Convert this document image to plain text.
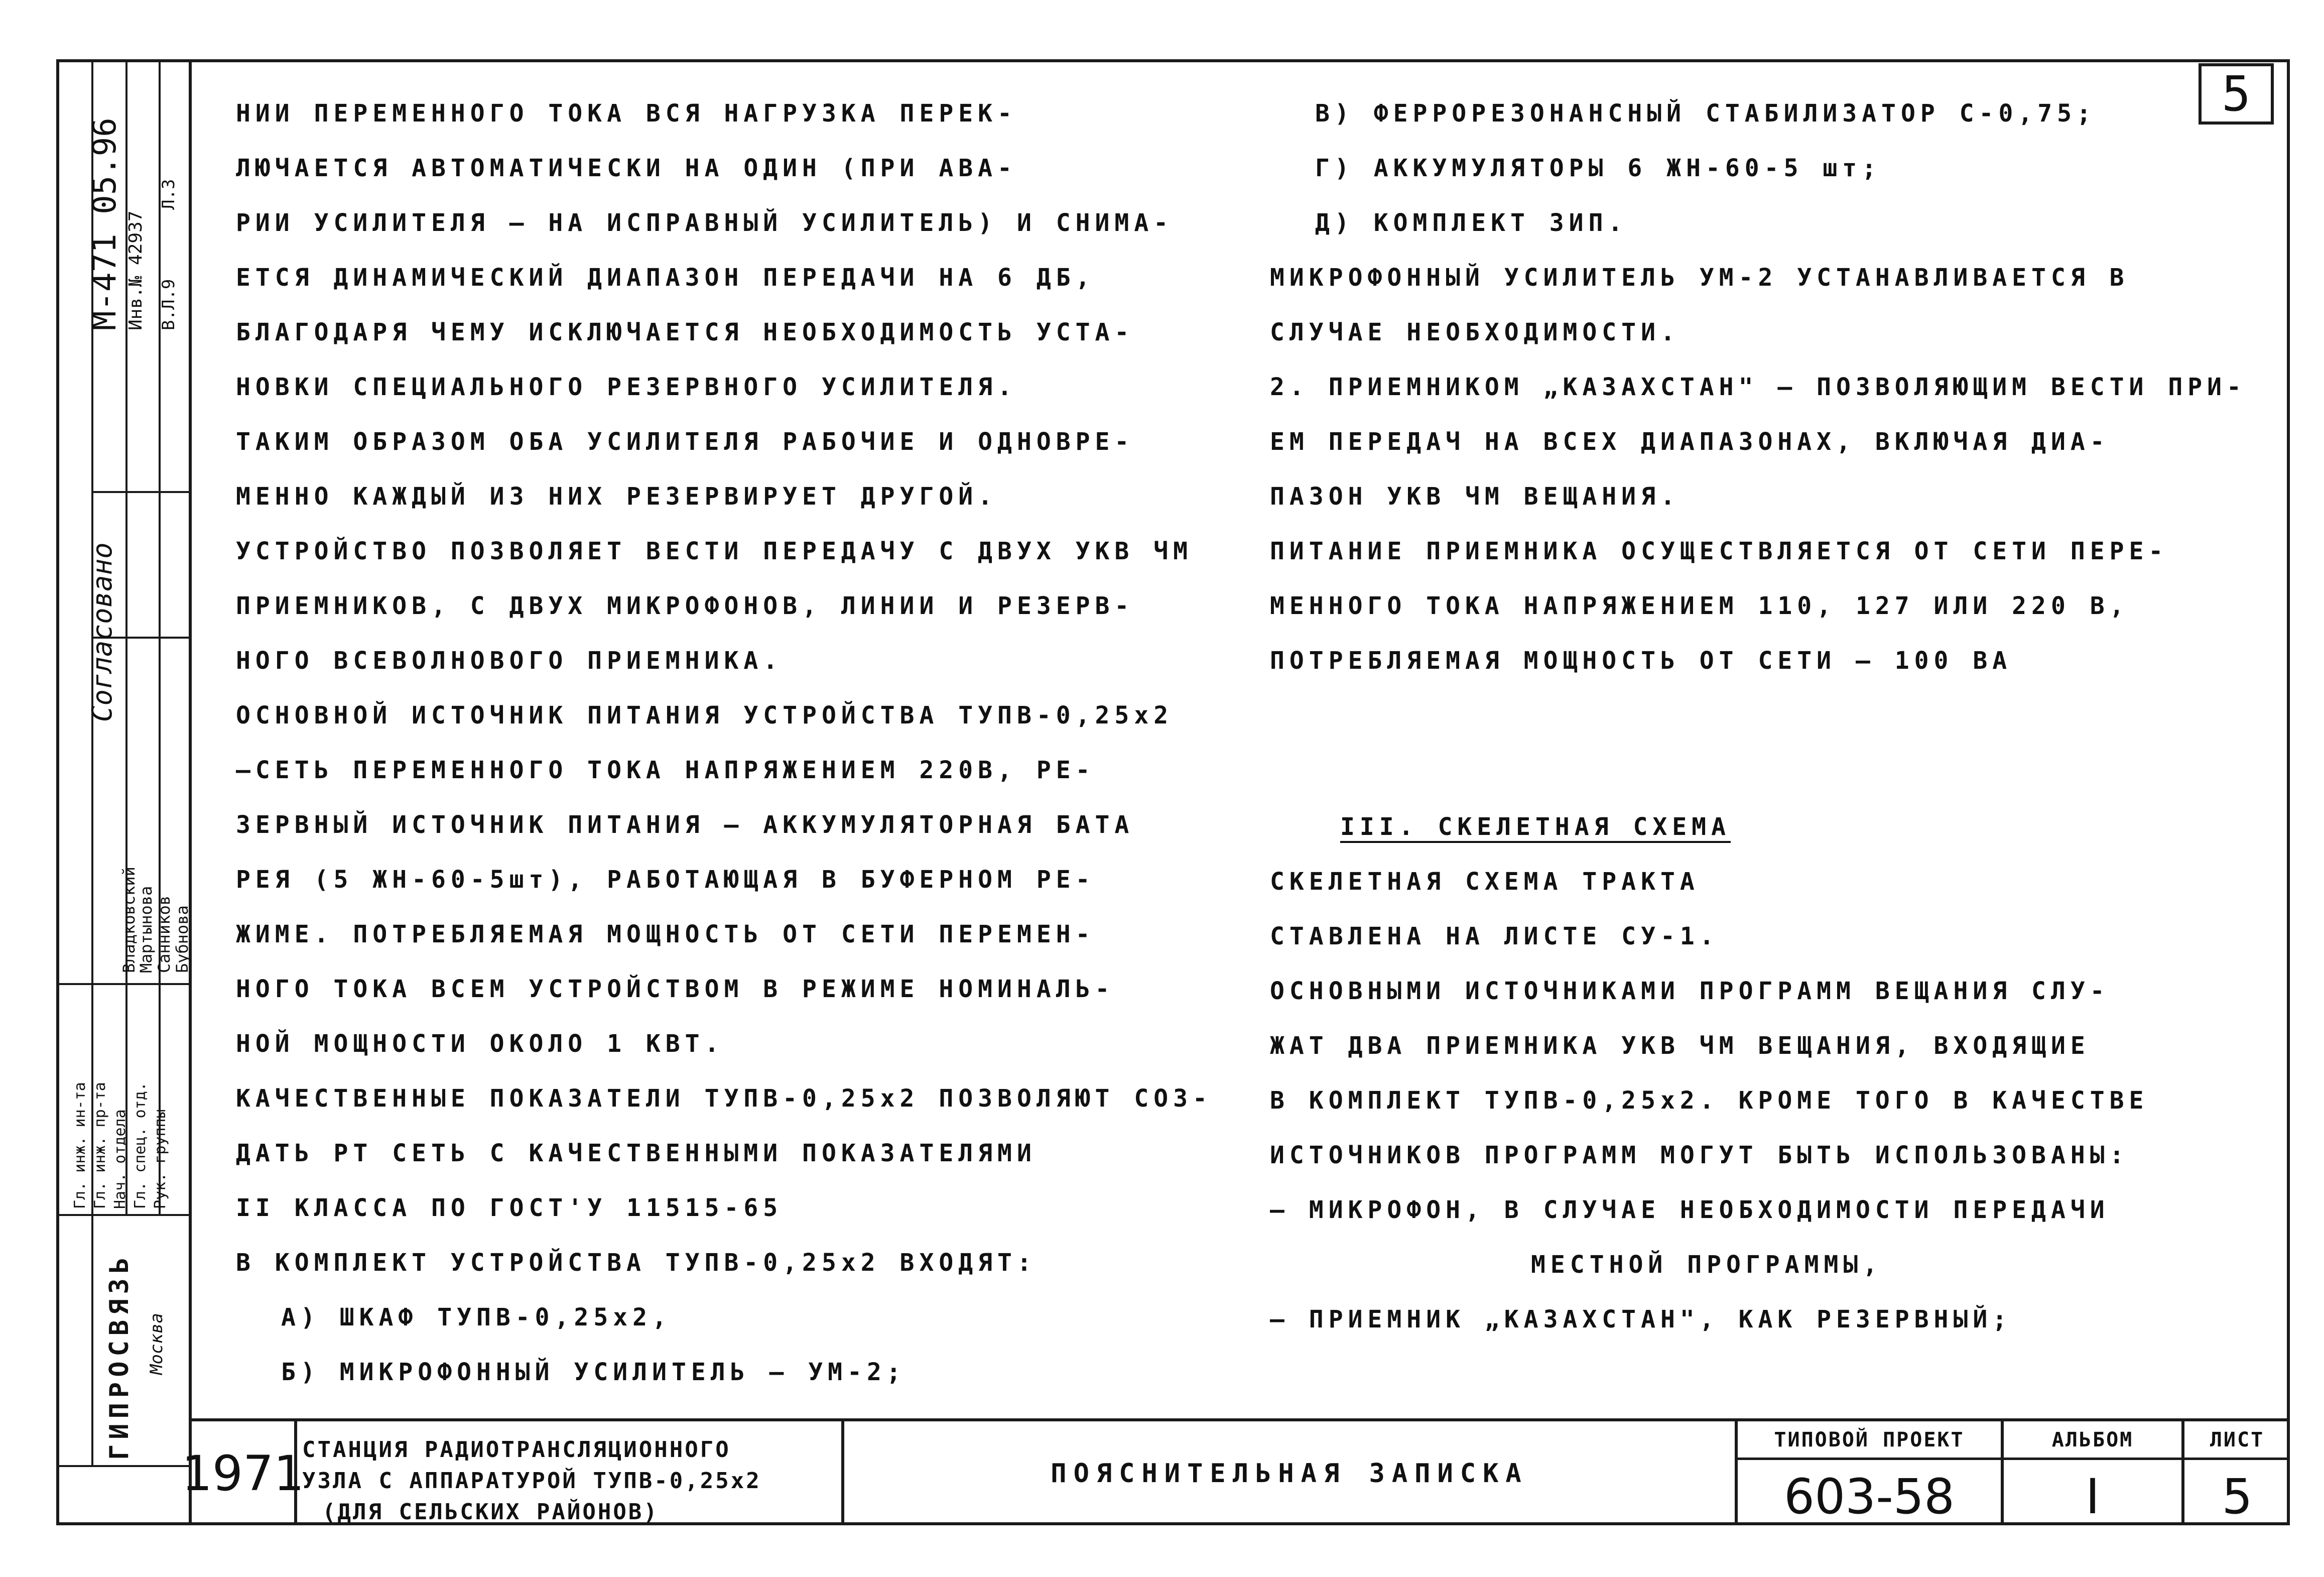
М-471 05.96 Инв.№ 42937
Л.3
В.Л.9
Согласовано
Владковский
Мартынова
Санников
Бубнова
Гл. инж. ин-та Гл. инж. пр-та Нач. отдела Гл. спец. отд. Рук. группы
ГИПРОСВЯЗЬ Москва
5
НИИ ПЕРЕМЕННОГО ТОКА ВСЯ НАГРУЗКА ПЕРЕК-
ЛЮЧАЕТСЯ АВТОМАТИЧЕСКИ НА ОДИН (ПРИ АВА-
РИИ УСИЛИТЕЛЯ — НА ИСПРАВНЫЙ УСИЛИТЕЛЬ) И СНИМА-
ЕТСЯ ДИНАМИЧЕСКИЙ ДИАПАЗОН ПЕРЕДАЧИ НА 6 ДБ,
БЛАГОДАРЯ ЧЕМУ ИСКЛЮЧАЕТСЯ НЕОБХОДИМОСТЬ УСТА-
НОВКИ СПЕЦИАЛЬНОГО РЕЗЕРВНОГО УСИЛИТЕЛЯ.
ТАКИМ ОБРАЗОМ ОБА УСИЛИТЕЛЯ РАБОЧИЕ И ОДНОВРЕ-
МЕННО КАЖДЫЙ ИЗ НИХ РЕЗЕРВИРУЕТ ДРУГОЙ.
УСТРОЙСТВО ПОЗВОЛЯЕТ ВЕСТИ ПЕРЕДАЧУ С ДВУХ УКВ ЧМ
ПРИЕМНИКОВ, С ДВУХ МИКРОФОНОВ, ЛИНИИ И РЕЗЕРВ-
НОГО ВСЕВОЛНОВОГО ПРИЕМНИКА.
ОСНОВНОЙ ИСТОЧНИК ПИТАНИЯ УСТРОЙСТВА ТУПВ-0,25х2
—СЕТЬ ПЕРЕМЕННОГО ТОКА НАПРЯЖЕНИЕМ 220В, РЕ-
ЗЕРВНЫЙ ИСТОЧНИК ПИТАНИЯ — АККУМУЛЯТОРНАЯ БАТА
РЕЯ (5 ЖН-60-5шт), РАБОТАЮЩАЯ В БУФЕРНОМ РЕ-
ЖИМЕ. ПОТРЕБЛЯЕМАЯ МОЩНОСТЬ ОТ СЕТИ ПЕРЕМЕН-
НОГО ТОКА ВСЕМ УСТРОЙСТВОМ В РЕЖИМЕ НОМИНАЛЬ-
НОЙ МОЩНОСТИ ОКОЛО 1 КВТ.
КАЧЕСТВЕННЫЕ ПОКАЗАТЕЛИ ТУПВ-0,25х2 ПОЗВОЛЯЮТ СОЗ-
ДАТЬ РТ СЕТЬ С КАЧЕСТВЕННЫМИ ПОКАЗАТЕЛЯМИ
II КЛАССА ПО ГОСТ'У 11515-65
В КОМПЛЕКТ УСТРОЙСТВА ТУПВ-0,25х2 ВХОДЯТ:
А) ШКАФ ТУПВ-0,25х2,
Б) МИКРОФОННЫЙ УСИЛИТЕЛЬ — УМ-2;
В) ФЕРРОРЕЗОНАНСНЫЙ СТАБИЛИЗАТОР С-0,75;
Г) АККУМУЛЯТОРЫ 6 ЖН-60-5 шт;
Д) КОМПЛЕКТ ЗИП.
МИКРОФОННЫЙ УСИЛИТЕЛЬ УМ-2 УСТАНАВЛИВАЕТСЯ В
СЛУЧАЕ НЕОБХОДИМОСТИ.
2. ПРИЕМНИКОМ „КАЗАХСТАН" — ПОЗВОЛЯЮЩИМ ВЕСТИ ПРИ-
ЕМ ПЕРЕДАЧ НА ВСЕХ ДИАПАЗОНАХ, ВКЛЮЧАЯ ДИА-
ПАЗОН УКВ ЧМ ВЕЩАНИЯ.
ПИТАНИЕ ПРИЕМНИКА ОСУЩЕСТВЛЯЕТСЯ ОТ СЕТИ ПЕРЕ-
МЕННОГО ТОКА НАПРЯЖЕНИЕМ 110, 127 ИЛИ 220 В,
ПОТРЕБЛЯЕМАЯ МОЩНОСТЬ ОТ СЕТИ — 100 ВА
III. СКЕЛЕТНАЯ СХЕМА
СКЕЛЕТНАЯ СХЕМА ТРАКТА
СТАВЛЕНА НА ЛИСТЕ СУ-1.
ОСНОВНЫМИ ИСТОЧНИКАМИ ПРОГРАММ ВЕЩАНИЯ СЛУ-
ЖАТ ДВА ПРИЕМНИКА УКВ ЧМ ВЕЩАНИЯ, ВХОДЯЩИЕ
В КОМПЛЕКТ ТУПВ-0,25х2. КРОМЕ ТОГО В КАЧЕСТВЕ
ИСТОЧНИКОВ ПРОГРАММ МОГУТ БЫТЬ ИСПОЛЬЗОВАНЫ:
— МИКРОФОН, В СЛУЧАЕ НЕОБХОДИМОСТИ ПЕРЕДАЧИ
МЕСТНОЙ ПРОГРАММЫ,
— ПРИЕМНИК „КАЗАХСТАН", КАК РЕЗЕРВНЫЙ;
1971
СТАНЦИЯ РАДИОТРАНСЛЯЦИОННОГО
УЗЛА С АППАРАТУРОЙ ТУПВ-0,25х2
(ДЛЯ СЕЛЬСКИХ РАЙОНОВ)
ПОЯСНИТЕЛЬНАЯ ЗАПИСКА
ТИПОВОЙ ПРОЕКТ
603-58
АЛЬБОМ
I
ЛИСТ
5
